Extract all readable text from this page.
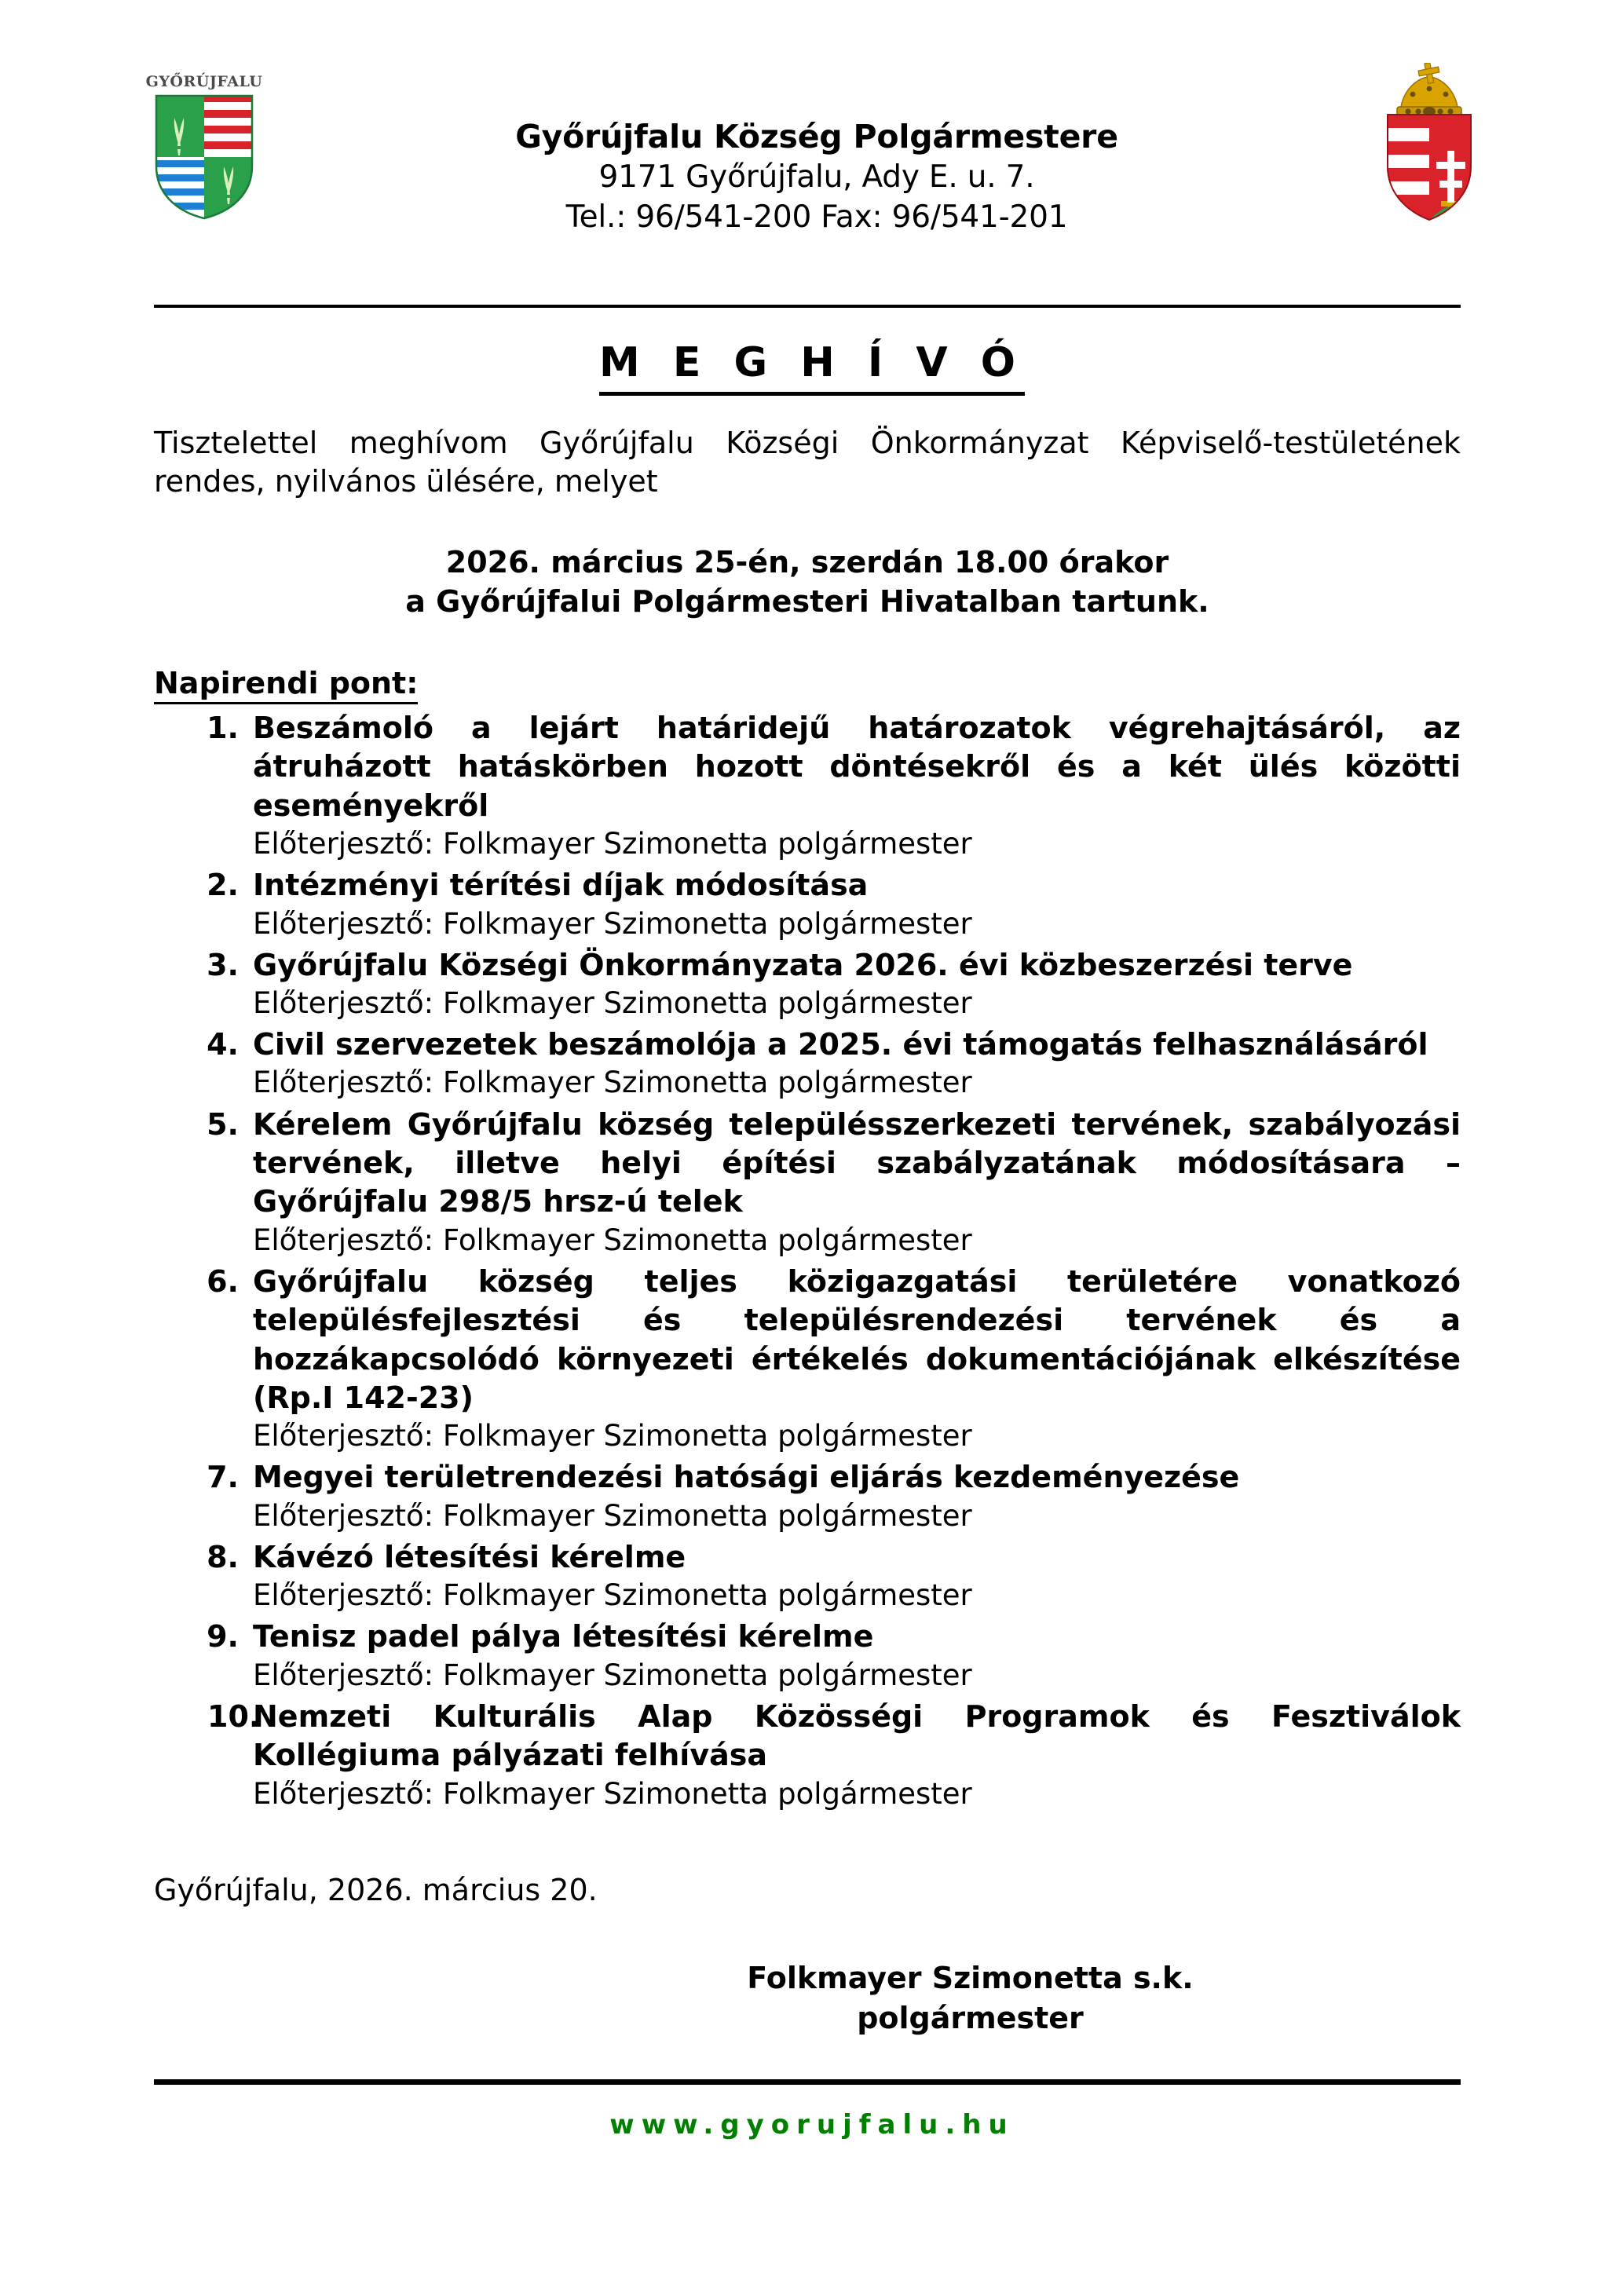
GYŐRÚJFALU
Győrújfalu Község Polgármestere
9171 Győrújfalu, Ady E. u. 7.
Tel.: 96/541-200 Fax: 96/541-201
M E G H Í V Ó
Tisztelettel meghívom Győrújfalu Községi Önkormányzat Képviselő-testületének rendes, nyilvános ülésére, melyet
2026. március 25-én, szerdán 18.00 órakor
a Győrújfalui Polgármesteri Hivatalban tartunk.
Napirendi pont:
1. Beszámoló a lejárt határidejű határozatok végrehajtásáról, az átruházott hatáskörben hozott döntésekről és a két ülés közötti eseményekről
Előterjesztő: Folkmayer Szimonetta polgármester
2. Intézményi térítési díjak módosítása
Előterjesztő: Folkmayer Szimonetta polgármester
3. Győrújfalu Községi Önkormányzata 2026. évi közbeszerzési terve
Előterjesztő: Folkmayer Szimonetta polgármester
4. Civil szervezetek beszámolója a 2025. évi támogatás felhasználásáról
Előterjesztő: Folkmayer Szimonetta polgármester
5. Kérelem Győrújfalu község településszerkezeti tervének, szabályozási tervének, illetve helyi építési szabályzatának módosításara – Győrújfalu 298/5 hrsz-ú telek
Előterjesztő: Folkmayer Szimonetta polgármester
6. Győrújfalu község teljes közigazgatási területére vonatkozó településfejlesztési és településrendezési tervének és a hozzákapcsolódó környezeti értékelés dokumentációjának elkészítése (Rp.I 142-23)
Előterjesztő: Folkmayer Szimonetta polgármester
7. Megyei területrendezési hatósági eljárás kezdeményezése
Előterjesztő: Folkmayer Szimonetta polgármester
8. Kávézó létesítési kérelme
Előterjesztő: Folkmayer Szimonetta polgármester
9. Tenisz padel pálya létesítési kérelme
Előterjesztő: Folkmayer Szimonetta polgármester
10.
Nemzeti Kulturális Alap Közösségi Programok és Fesztiválok Kollégiuma pályázati felhívása
Előterjesztő: Folkmayer Szimonetta polgármester
Győrújfalu, 2026. március 20.
Folkmayer Szimonetta s.k.
polgármester
www.gyorujfalu.hu
